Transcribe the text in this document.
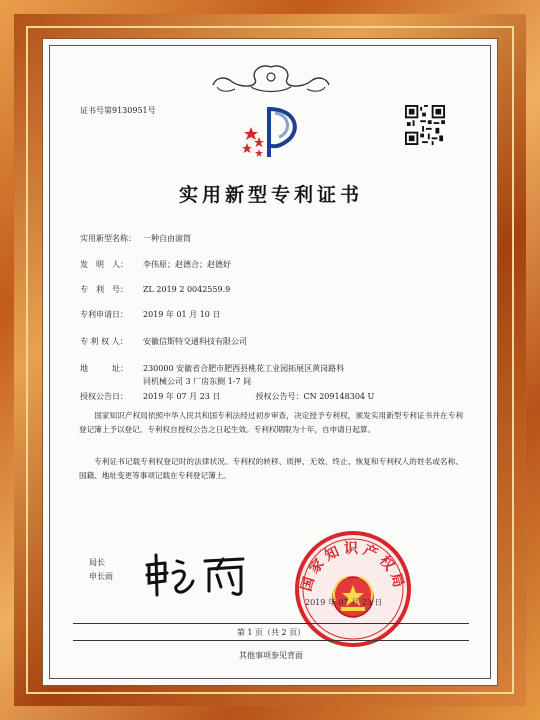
证书号第9130951号
实用新型专利证书
实用新型名称： 一种自由滚筒
发　明　人： 李伟原；赵德合；赵德好
专　利　号： ZL 2019 2 0042559.9
专利申请日： 2019 年 01 月 10 日
专 利 权 人： 安徽信斯特交通科技有限公司
地　　　址： 230000 安徽省合肥市肥西县桃花工业园拓展区黄岗路科
同机械公司 3 厂房东侧 1-7 间
授权公告日： 2019 年 07 月 23 日	授权公告号：CN 209148304 U
国家知识产权局依照中华人民共和国专利法经过初步审查，决定授予专利权，颁发实用新型专利证书并在专利登记簿上予以登记。专利权自授权公告之日起生效。专利权期限为十年，自申请日起算。
专利证书记载专利权登记时的法律状况。专利权的转移、质押、无效、终止、恢复和专利权人的姓名或名称、国籍、地址变更等事项记载在专利登记簿上。
局长
申长雨	国家知识产权局
2019 年 07 月 23 日
第 1 页（共 2 页）
其他事项参见背面
